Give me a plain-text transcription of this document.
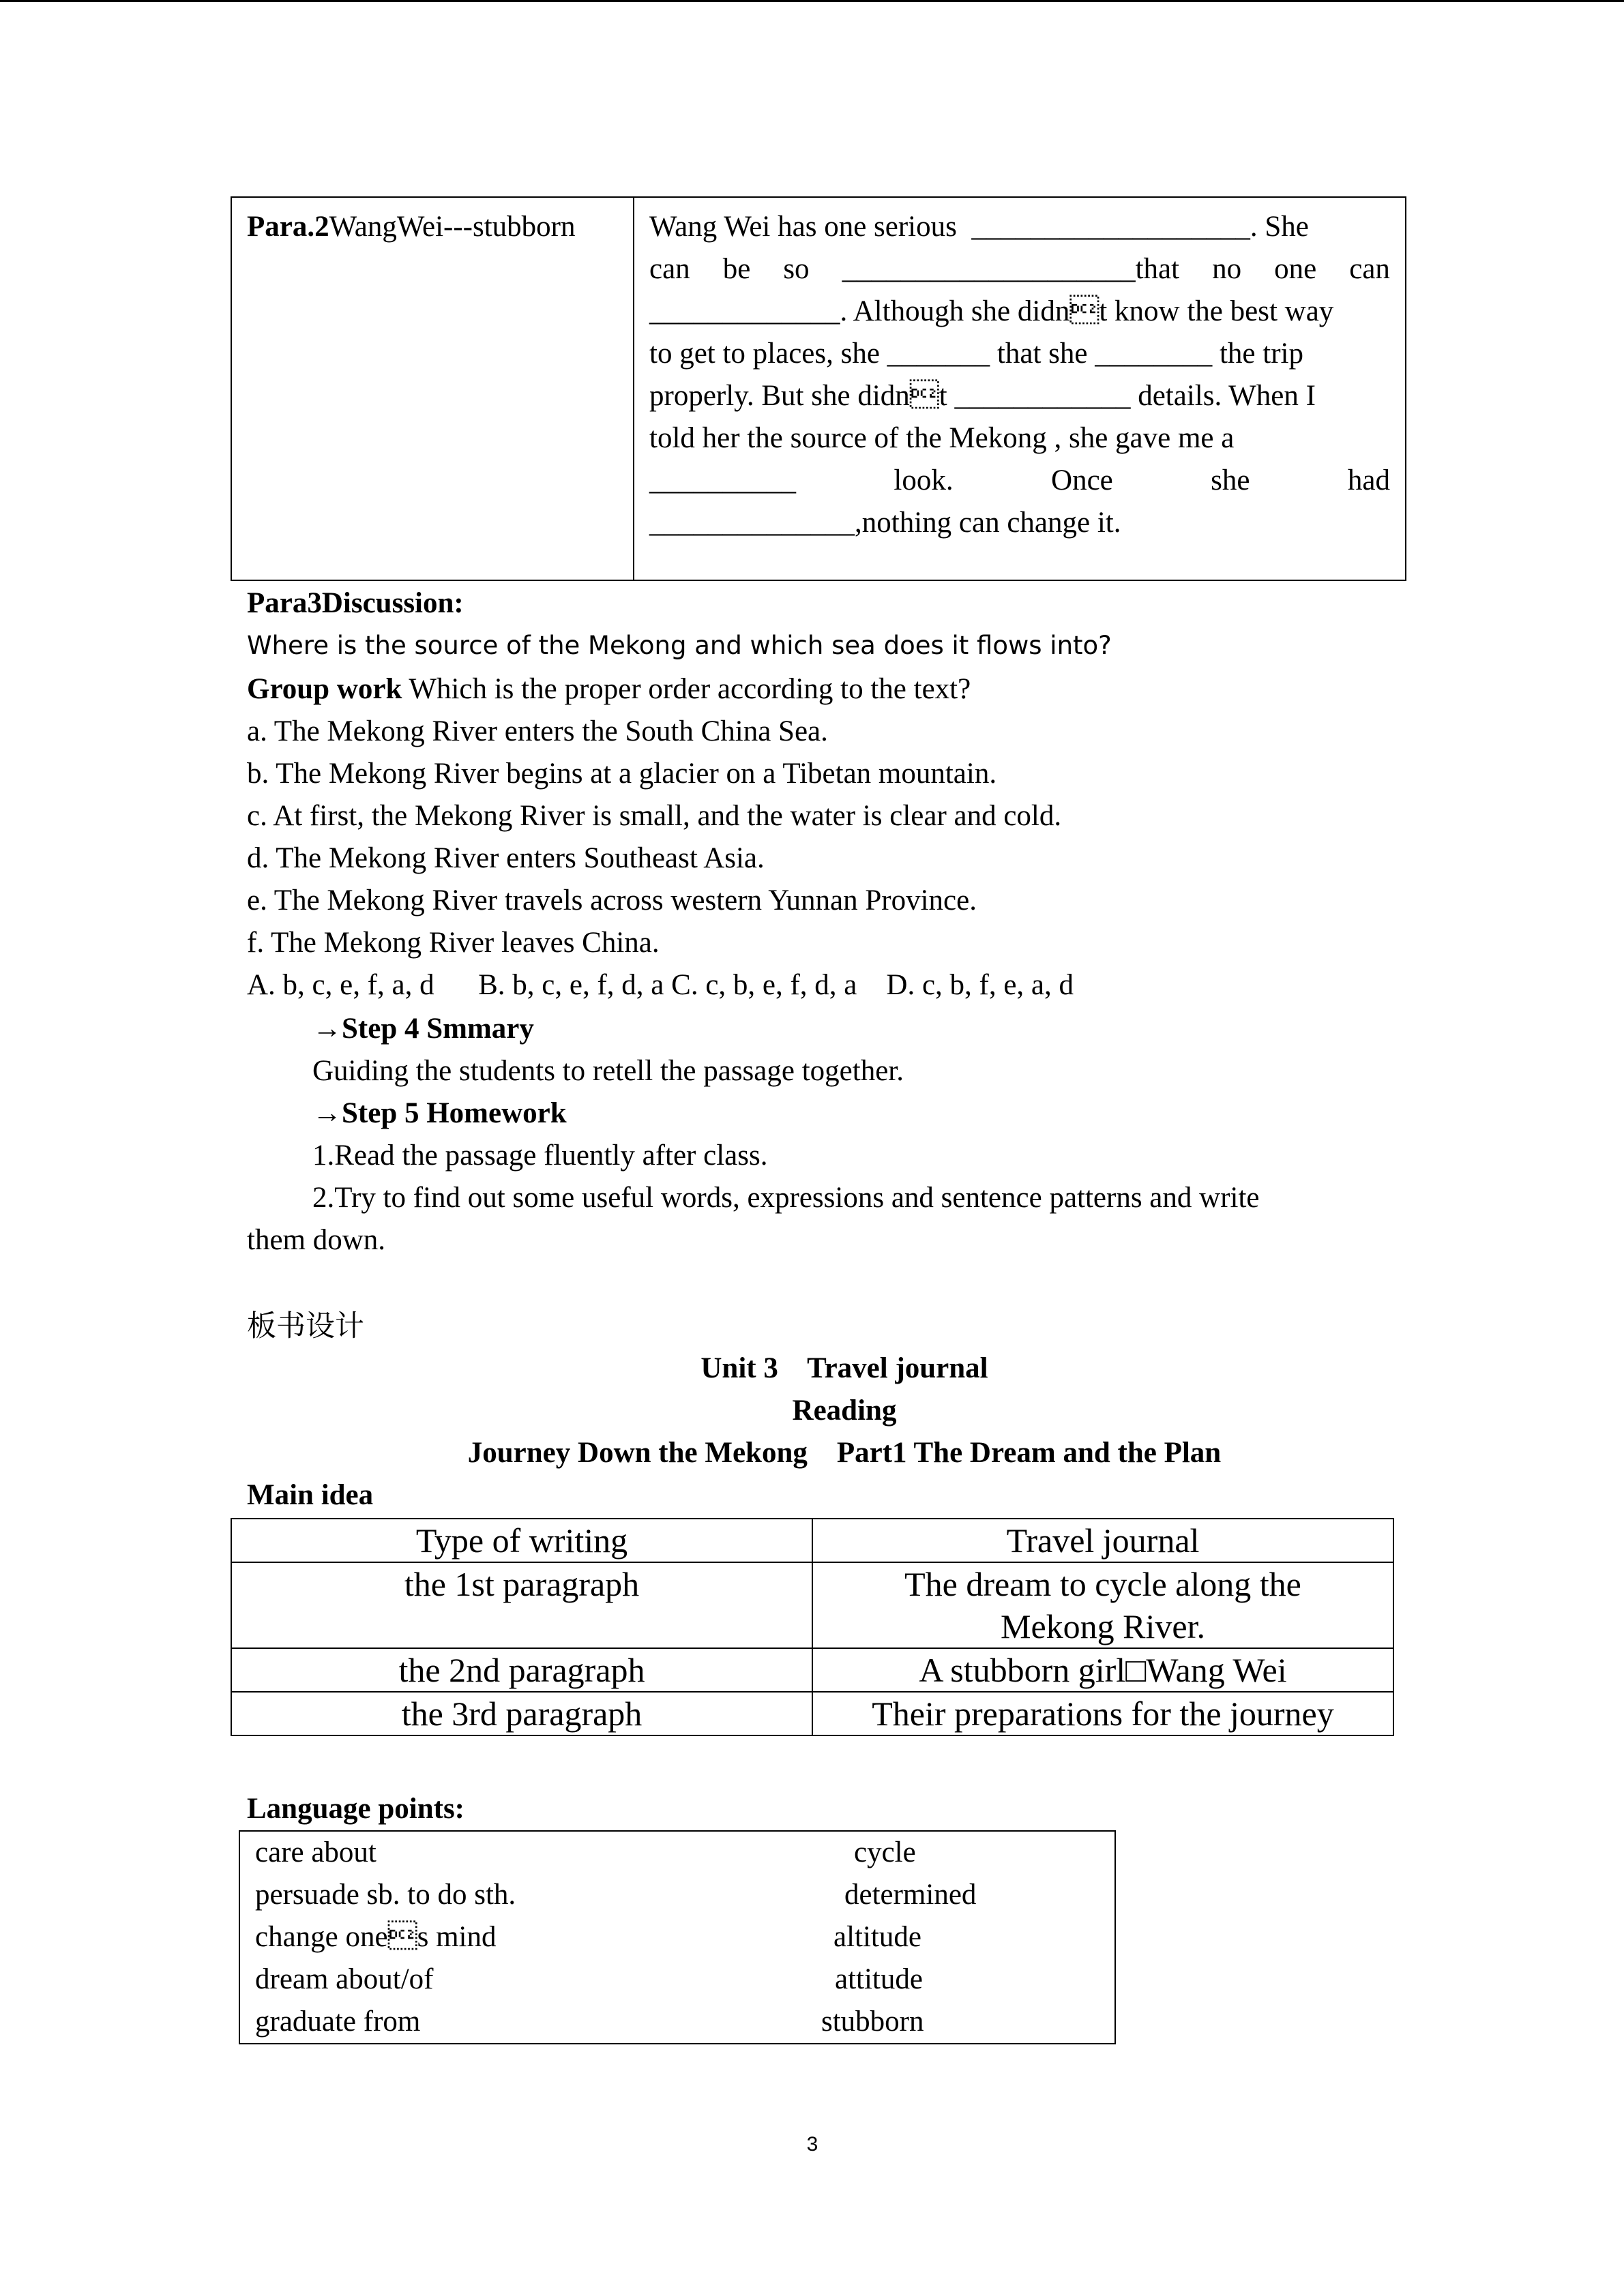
Para.2WangWei---stubborn	Wang Wei has one serious  ___________________. She
can be so ____________________that no one can
_____________. Although she didnt know the best way
to get to places, she _______ that she ________ the trip
properly. But she didnt ____________ details. When I
told her the source of the Mekong , she gave me a
__________	look.	Once	she	had
______________,nothing can change it.

Para3Discussion:

Where is the source of the Mekong and which sea does it flows into?

Group work Which is the proper order according to the text?

a. The Mekong River enters the South China Sea.

b. The Mekong River begins at a glacier on a Tibetan mountain.

c. At first, the Mekong River is small, and the water is clear and cold.

d. The Mekong River enters Southeast Asia.

e. The Mekong River travels across western Yunnan Province.

f. The Mekong River leaves China.

A. b, c, e, f, a, d      B. b, c, e, f, d, a C. c, b, e, f, d, a    D. c, b, f, e, a, d

→Step 4 Smmary

Guiding the students to retell the passage together.

→Step 5 Homework

1.Read the passage fluently after class.

2.Try to find out some useful words, expressions and sentence patterns and write

them down.

板书设计

Unit 3    Travel journal

Reading

Journey Down the Mekong    Part1 The Dream and the Plan

Main idea

Type of writing	Travel journal

the 1st paragraph	The dream to cycle along the
Mekong River.

the 2nd paragraph	A stubborn girl□Wang Wei

the 3rd paragraph	Their preparations for the journey

Language points:

care about	cycle
persuade sb. to do sth.	determined
change ones mind	altitude
dream about/of	attitude
graduate from	stubborn
3
